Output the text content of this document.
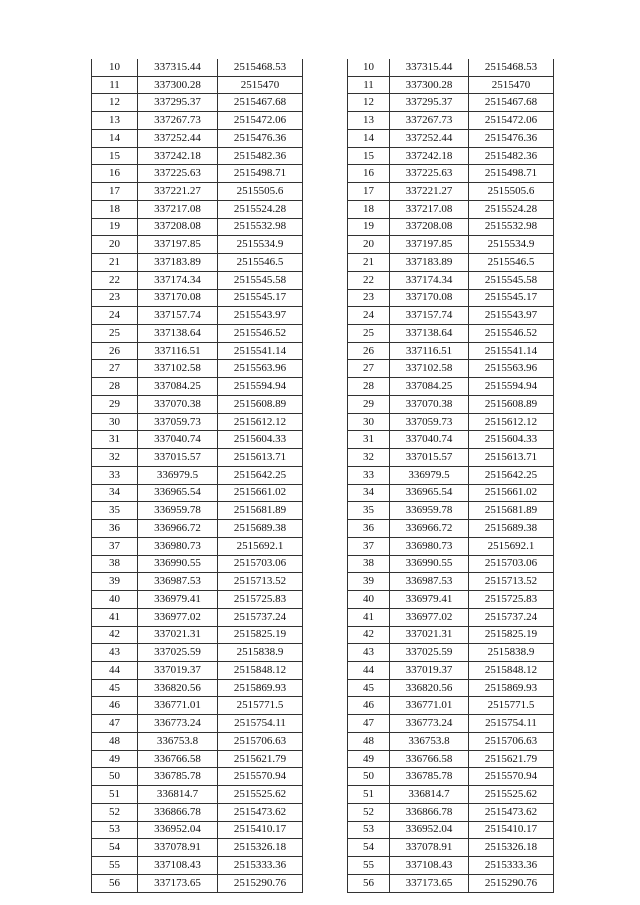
10	337315.44	2515468.53
11	337300.28	2515470
12	337295.37	2515467.68
13	337267.73	2515472.06
14	337252.44	2515476.36
15	337242.18	2515482.36
16	337225.63	2515498.71
17	337221.27	2515505.6
18	337217.08	2515524.28
19	337208.08	2515532.98
20	337197.85	2515534.9
21	337183.89	2515546.5
22	337174.34	2515545.58
23	337170.08	2515545.17
24	337157.74	2515543.97
25	337138.64	2515546.52
26	337116.51	2515541.14
27	337102.58	2515563.96
28	337084.25	2515594.94
29	337070.38	2515608.89
30	337059.73	2515612.12
31	337040.74	2515604.33
32	337015.57	2515613.71
33	336979.5	2515642.25
34	336965.54	2515661.02
35	336959.78	2515681.89
36	336966.72	2515689.38
37	336980.73	2515692.1
38	336990.55	2515703.06
39	336987.53	2515713.52
40	336979.41	2515725.83
41	336977.02	2515737.24
42	337021.31	2515825.19
43	337025.59	2515838.9
44	337019.37	2515848.12
45	336820.56	2515869.93
46	336771.01	2515771.5
47	336773.24	2515754.11
48	336753.8	2515706.63
49	336766.58	2515621.79
50	336785.78	2515570.94
51	336814.7	2515525.62
52	336866.78	2515473.62
53	336952.04	2515410.17
54	337078.91	2515326.18
55	337108.43	2515333.36
56	337173.65	2515290.76
10	337315.44	2515468.53
11	337300.28	2515470
12	337295.37	2515467.68
13	337267.73	2515472.06
14	337252.44	2515476.36
15	337242.18	2515482.36
16	337225.63	2515498.71
17	337221.27	2515505.6
18	337217.08	2515524.28
19	337208.08	2515532.98
20	337197.85	2515534.9
21	337183.89	2515546.5
22	337174.34	2515545.58
23	337170.08	2515545.17
24	337157.74	2515543.97
25	337138.64	2515546.52
26	337116.51	2515541.14
27	337102.58	2515563.96
28	337084.25	2515594.94
29	337070.38	2515608.89
30	337059.73	2515612.12
31	337040.74	2515604.33
32	337015.57	2515613.71
33	336979.5	2515642.25
34	336965.54	2515661.02
35	336959.78	2515681.89
36	336966.72	2515689.38
37	336980.73	2515692.1
38	336990.55	2515703.06
39	336987.53	2515713.52
40	336979.41	2515725.83
41	336977.02	2515737.24
42	337021.31	2515825.19
43	337025.59	2515838.9
44	337019.37	2515848.12
45	336820.56	2515869.93
46	336771.01	2515771.5
47	336773.24	2515754.11
48	336753.8	2515706.63
49	336766.58	2515621.79
50	336785.78	2515570.94
51	336814.7	2515525.62
52	336866.78	2515473.62
53	336952.04	2515410.17
54	337078.91	2515326.18
55	337108.43	2515333.36
56	337173.65	2515290.76
